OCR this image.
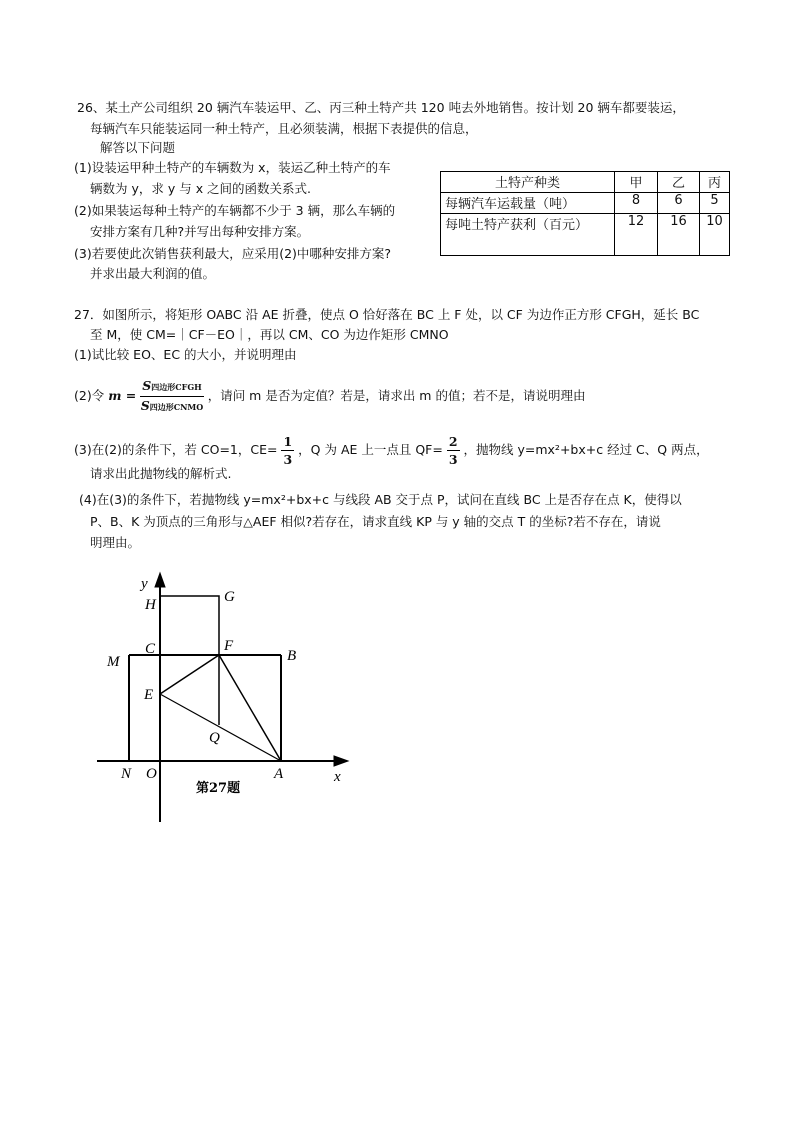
26、某土产公司组织 20 辆汽车装运甲、乙、丙三种土特产共 120 吨去外地销售。按计划 20 辆车都要装运，
每辆汽车只能装运同一种土特产，且必须装满，根据下表提供的信息，
解答以下问题
(1)设装运甲种土特产的车辆数为 x，装运乙种土特产的车
辆数为 y，求 y 与 x 之间的函数关系式.
(2)如果装运每种土特产的车辆都不少于 3 辆，那么车辆的
安排方案有几种?并写出每种安排方案。
(3)若要使此次销售获利最大，应采用(2)中哪种安排方案?
并求出最大利润的值。
土特产种类	甲	乙	丙
每辆汽车运载量（吨）	8	6	5
每吨土特产获利（百元）	12	16	10
27．如图所示，将矩形 OABC 沿 AE 折叠，使点 O 恰好落在 BC 上 F 处，以 CF 为边作正方形 CFGH，延长 BC
至 M，使 CM=｜CF－EO｜，再以 CM、CO 为边作矩形 CMNO
(1)试比较 EO、EC 的大小，并说明理由
(2)令 $m = \frac{\text{S四边形CFGH}}{\text{S四边形CNMO}}$ ，请问 m 是否为定值？若是，请求出 m 的值；若不是，请说明理由
(3)在(2)的条件下，若 CO=1，$CE= \frac{1}{3}$ ，Q 为 AE 上一点且 $QF= \frac{2}{3}$ ，抛物线 y=mx²+bx+c 经过 C、Q 两点，
请求出此抛物线的解析式.
(4)在(3)的条件下，若抛物线 y=mx²+bx+c 与线段 AB 交于点 P，试问在直线 BC 上是否存在点 K，使得以
P、B、K 为顶点的三角形与△AEF 相似?若存在，请求直线 KP 与 y 轴的交点 T 的坐标?若不存在，请说
明理由。
y
H	G
C	F
B
M
E
Q
N O	A	x
第27题
